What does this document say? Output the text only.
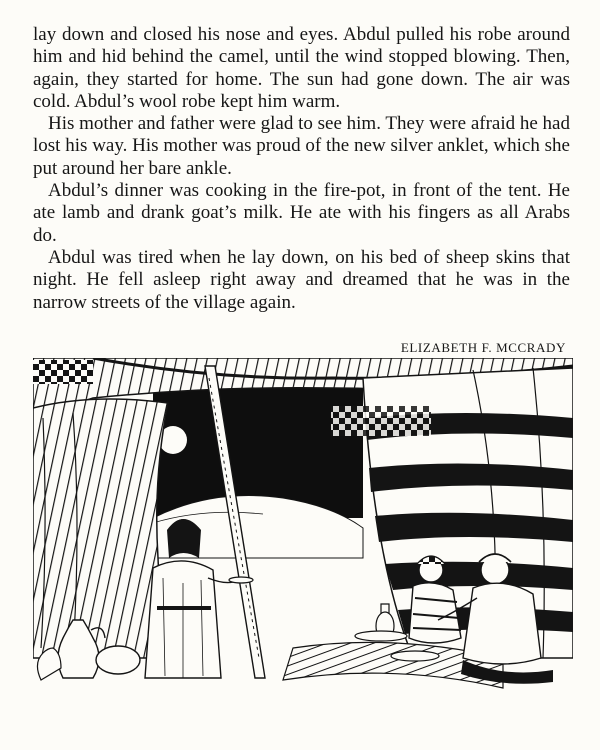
lay down and closed his nose and eyes. Abdul pulled his robe around him and hid behind the camel, until the wind stopped blowing. Then, again, they started for home. The sun had gone down. The air was cold. Abdul’s wool robe kept him warm.

His mother and father were glad to see him. They were afraid he had lost his way. His mother was proud of the new silver anklet, which she put around her bare ankle.

Abdul’s dinner was cooking in the fire-pot, in front of the tent. He ate lamb and drank goat’s milk. He ate with his fingers as all Arabs do.

Abdul was tired when he lay down, on his bed of sheep skins that night. He fell asleep right away and dreamed that he was in the narrow streets of the village again.

ELIZABETH F. MCCRADY
